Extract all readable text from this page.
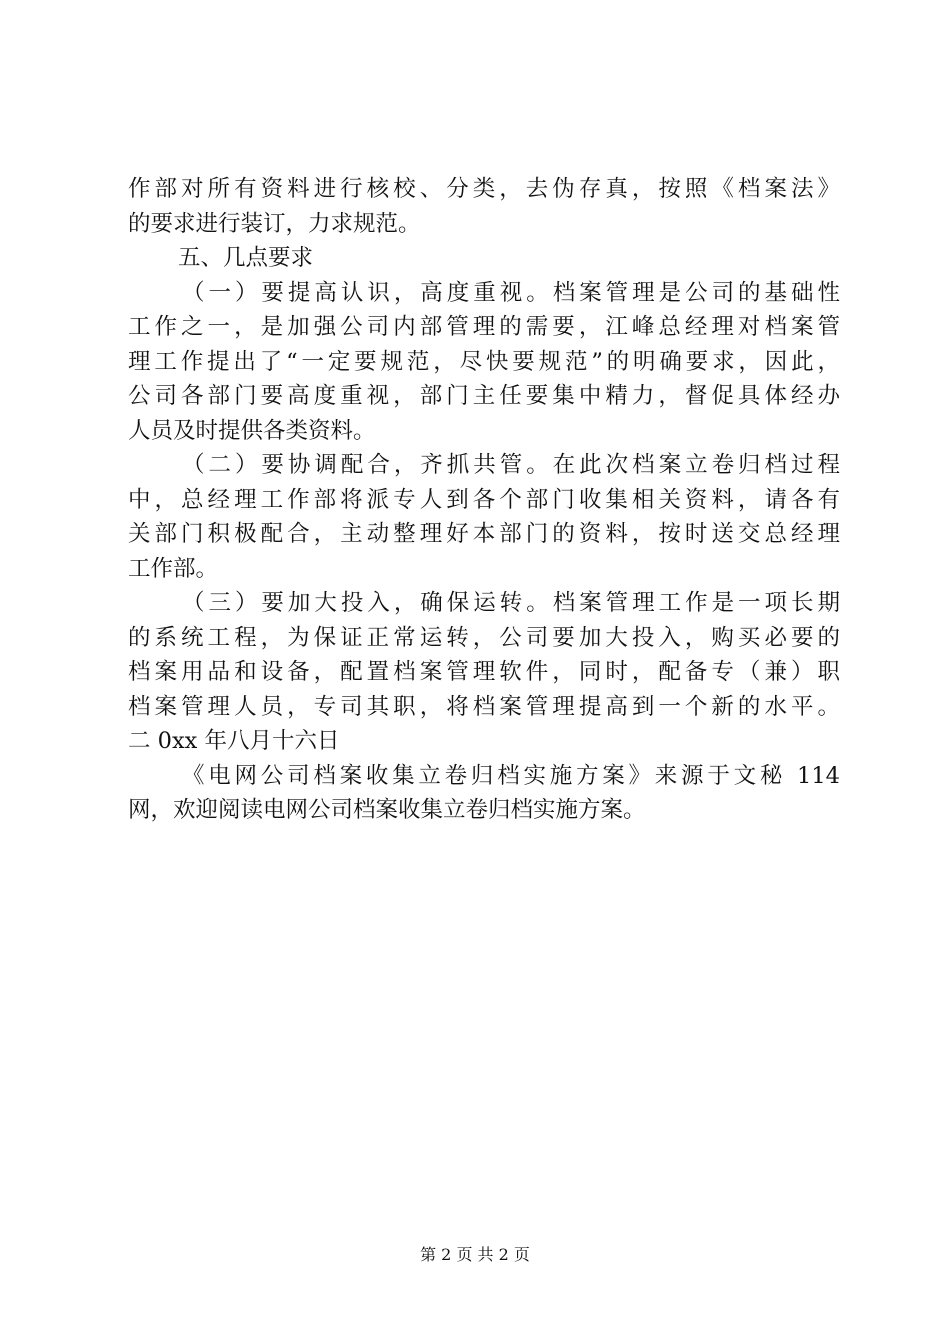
作部对所有资料进行核校、分类，去伪存真，按照《档案法》
的要求进行装订，力求规范。
五、几点要求
（一）要提高认识，高度重视。档案管理是公司的基础性
工作之一，是加强公司内部管理的需要，江峰总经理对档案管
理工作提出了“一定要规范，尽快要规范”的明确要求，因此，
公司各部门要高度重视，部门主任要集中精力，督促具体经办
人员及时提供各类资料。
（二）要协调配合，齐抓共管。在此次档案立卷归档过程
中，总经理工作部将派专人到各个部门收集相关资料，请各有
关部门积极配合，主动整理好本部门的资料，按时送交总经理
工作部。
（三）要加大投入，确保运转。档案管理工作是一项长期
的系统工程，为保证正常运转，公司要加大投入，购买必要的
档案用品和设备，配置档案管理软件，同时，配备专（兼）职
档案管理人员，专司其职，将档案管理提高到一个新的水平。
二 0xx 年八月十六日
《电网公司档案收集立卷归档实施方案》来源于文秘 114
网，欢迎阅读电网公司档案收集立卷归档实施方案。
第 2 页 共 2 页
